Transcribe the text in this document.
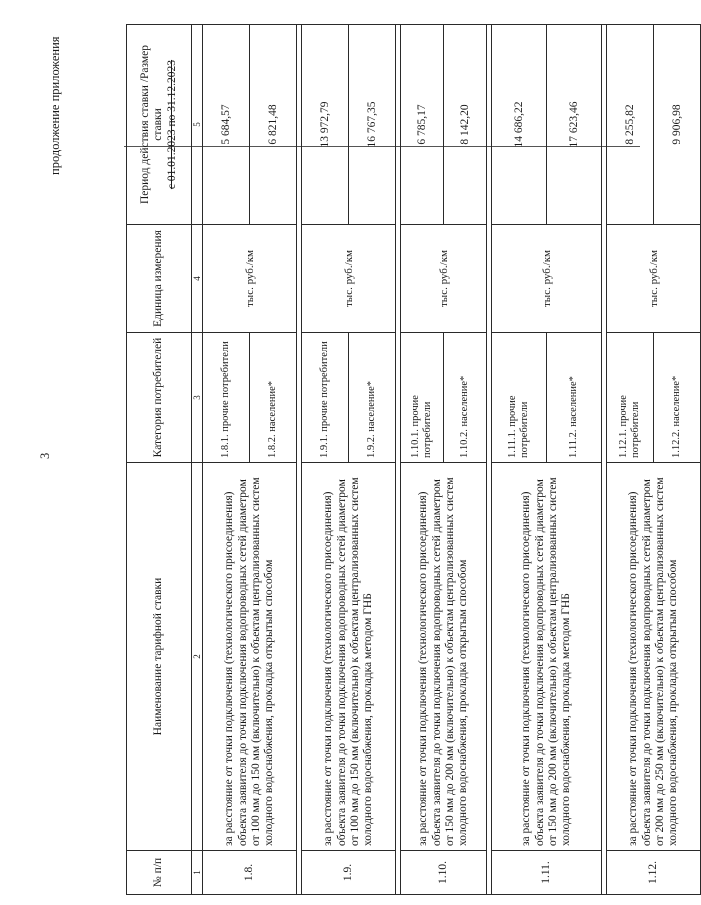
продолжение приложения
3
№ п/п	Наименование тарифной ставки	Категория потребителей	Единица измерения	Период действия ставки /Размер ставки с 01.01.2023 по 31.12.2023

1	2	3	4	5
1.8.	за расстояние от точки подключения (технологического присоединения) объекта заявителя до точки подключения водопроводных сетей диаметром от 100 мм до 150 мм (включительно) к объектам централизованных систем холодного водоснабжения, прокладка открытым способом	1.8.1. прочие потребители	тыс. руб./км	5 684,57
		1.8.2. население*		6 821,48

1.9.	за расстояние от точки подключения (технологического присоединения) объекта заявителя до точки подключения водопроводных сетей диаметром от 100 мм до 150 мм (включительно) к объектам централизованных систем холодного водоснабжения, прокладка методом ГНБ	1.9.1. прочие потребители	тыс. руб./км	13 972,79
		1.9.2. население*		16 767,35

1.10.	за расстояние от точки подключения (технологического присоединения) объекта заявителя до точки подключения водопроводных сетей диаметром от 150 мм до 200 мм (включительно) к объектам централизованных систем холодного водоснабжения, прокладка открытым способом	1.10.1. прочие потребители	тыс. руб./км	6 785,17
		1.10.2. население*		8 142,20

1.11.	за расстояние от точки подключения (технологического присоединения) объекта заявителя до точки подключения водопроводных сетей диаметром от 150 мм до 200 мм (включительно) к объектам централизованных систем холодного водоснабжения, прокладка методом ГНБ	1.11.1. прочие потребители	тыс. руб./км	14 686,22
		1.11.2. население*		17 623,46

1.12.	за расстояние от точки подключения (технологического присоединения) объекта заявителя до точки подключения водопроводных сетей диаметром от 200 мм до 250 мм (включительно) к объектам централизованных систем холодного водоснабжения, прокладка открытым способом	1.12.1. прочие потребители	тыс. руб./км	8 255,82
		1.12.2. население*		9 906,98
